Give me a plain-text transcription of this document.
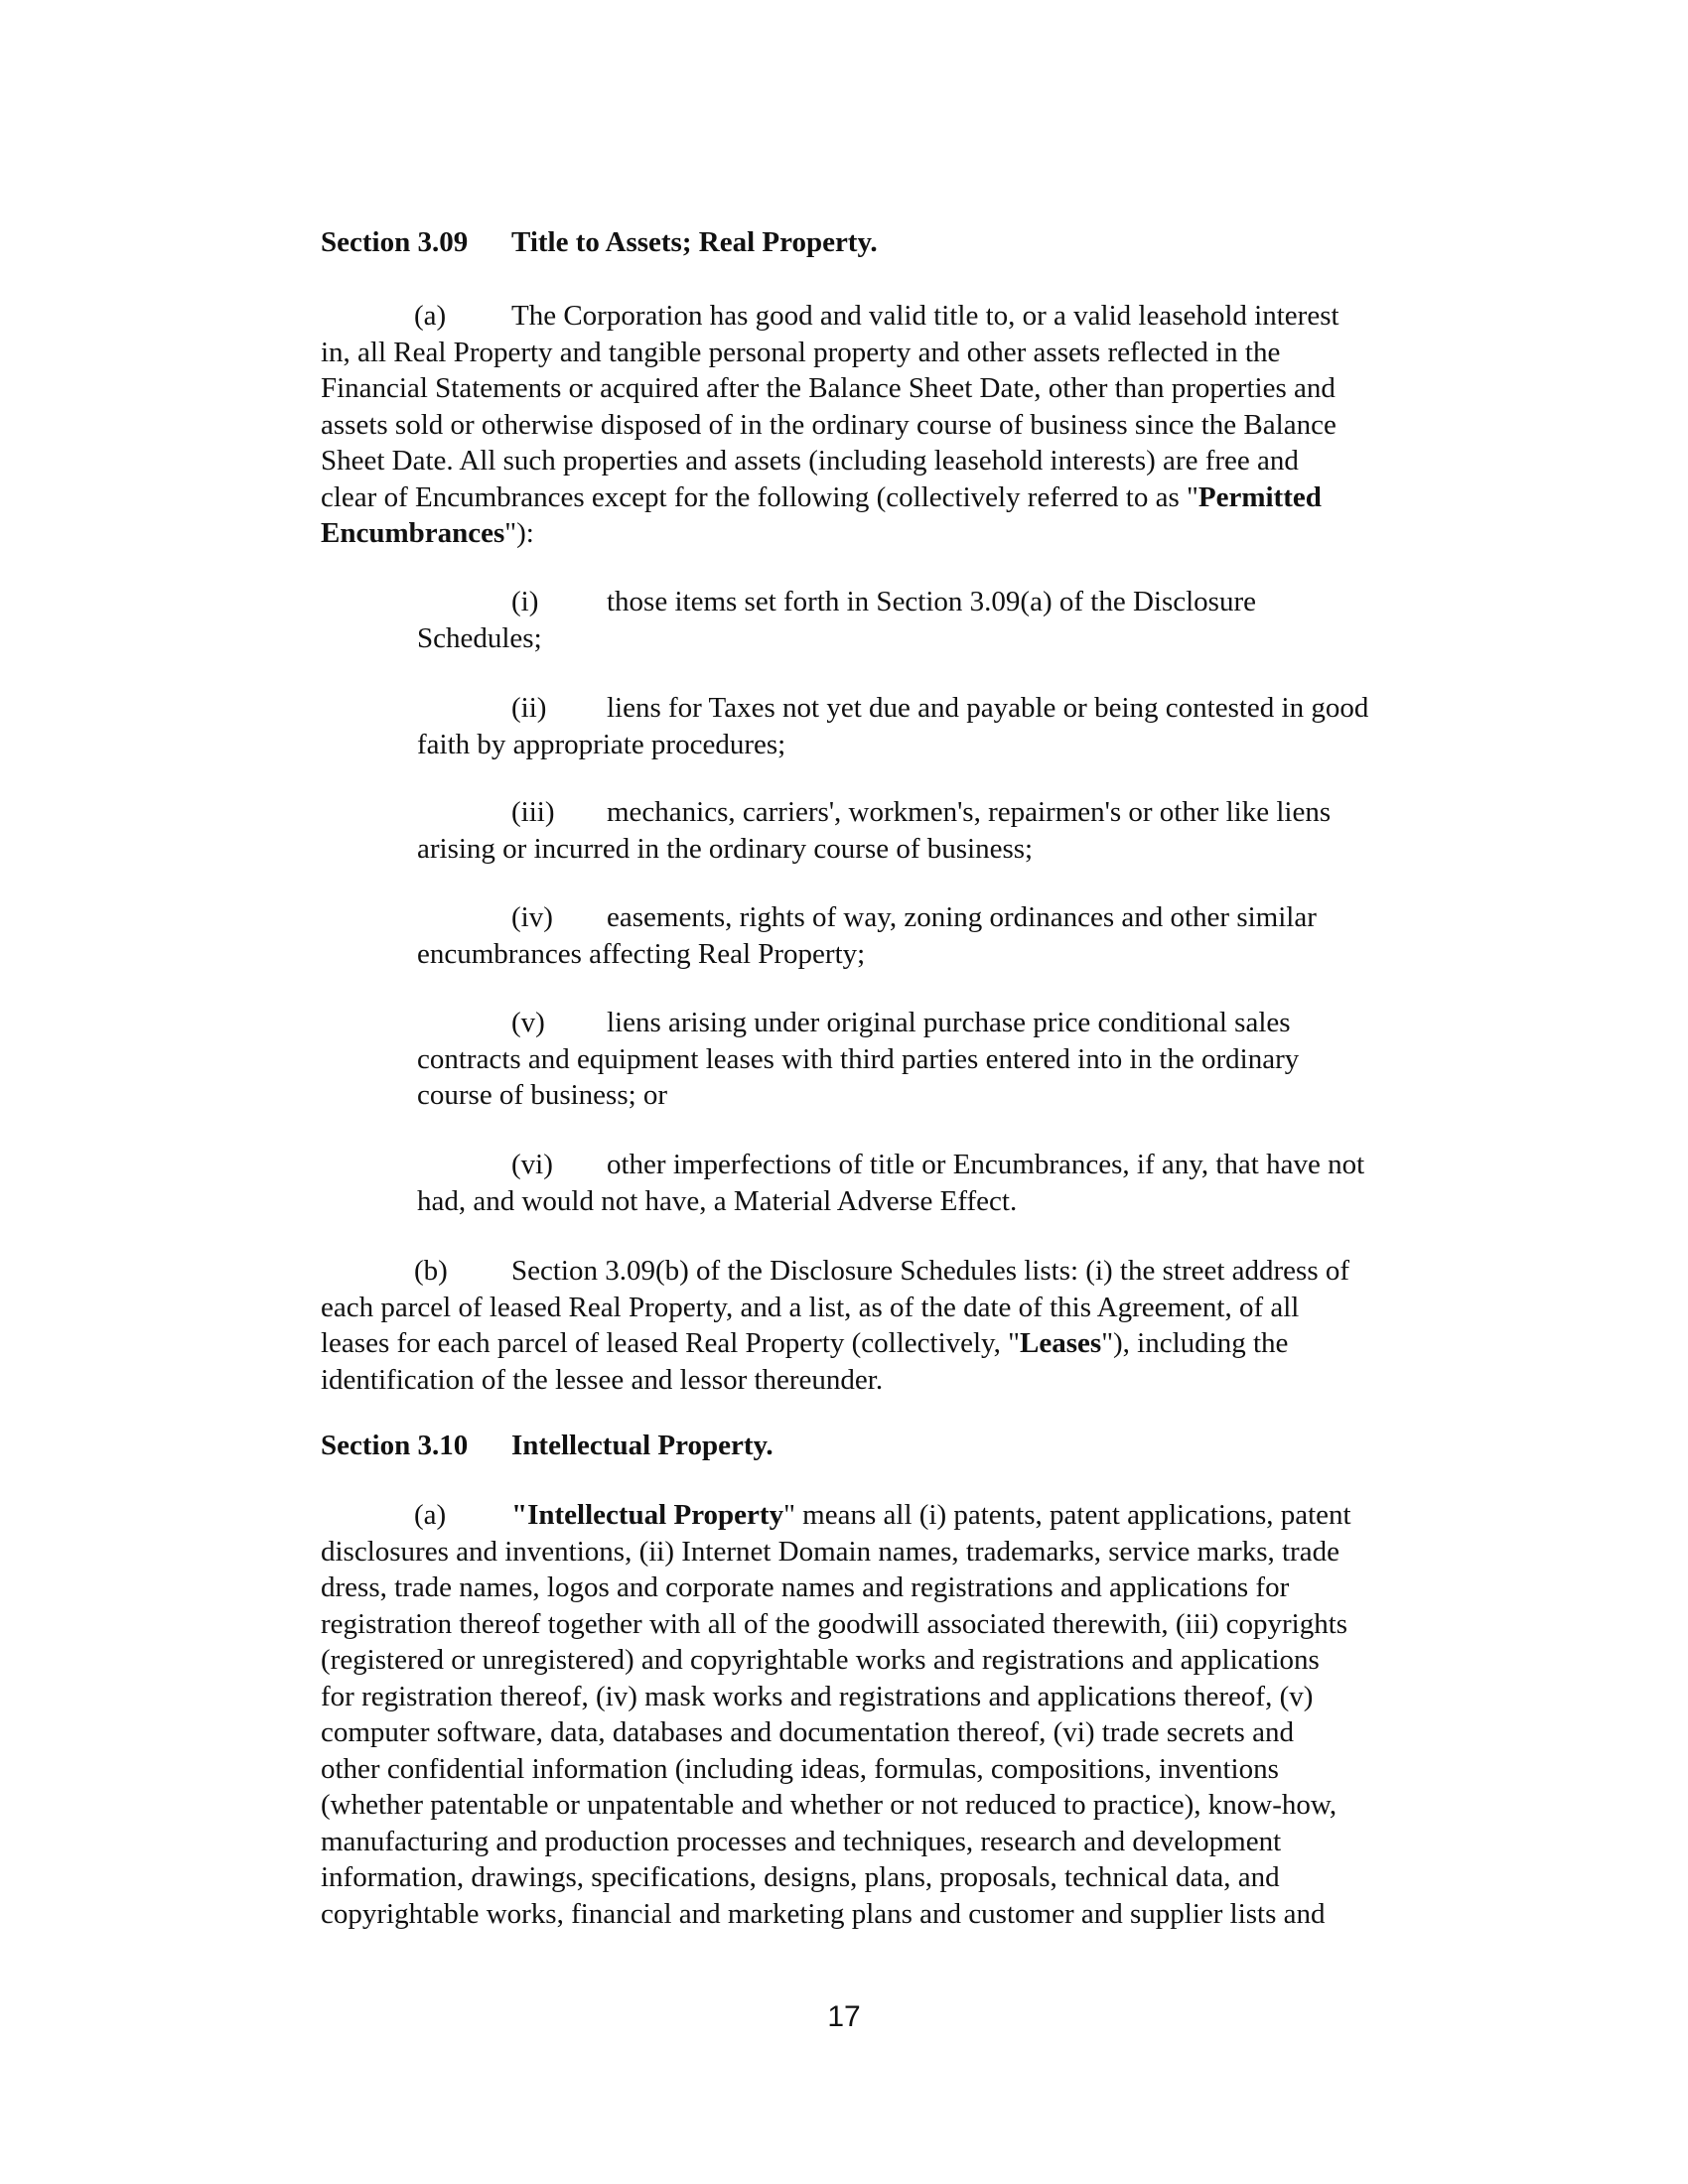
Section 3.09 Title to Assets; Real Property.
(a) The Corporation has good and valid title to, or a valid leasehold interest
in, all Real Property and tangible personal property and other assets reflected in the
Financial Statements or acquired after the Balance Sheet Date, other than properties and
assets sold or otherwise disposed of in the ordinary course of business since the Balance
Sheet Date. All such properties and assets (including leasehold interests) are free and
clear of Encumbrances except for the following (collectively referred to as "Permitted
Encumbrances"):
(i) those items set forth in Section 3.09(a) of the Disclosure
Schedules;
(ii) liens for Taxes not yet due and payable or being contested in good
faith by appropriate procedures;
(iii) mechanics, carriers', workmen's, repairmen's or other like liens
arising or incurred in the ordinary course of business;
(iv) easements, rights of way, zoning ordinances and other similar
encumbrances affecting Real Property;
(v) liens arising under original purchase price conditional sales
contracts and equipment leases with third parties entered into in the ordinary
course of business; or
(vi) other imperfections of title or Encumbrances, if any, that have not
had, and would not have, a Material Adverse Effect.
(b) Section 3.09(b) of the Disclosure Schedules lists: (i) the street address of
each parcel of leased Real Property, and a list, as of the date of this Agreement, of all
leases for each parcel of leased Real Property (collectively, "Leases"), including the
identification of the lessee and lessor thereunder.
Section 3.10 Intellectual Property.
(a) "Intellectual Property" means all (i) patents, patent applications, patent
disclosures and inventions, (ii) Internet Domain names, trademarks, service marks, trade
dress, trade names, logos and corporate names and registrations and applications for
registration thereof together with all of the goodwill associated therewith, (iii) copyrights
(registered or unregistered) and copyrightable works and registrations and applications
for registration thereof, (iv) mask works and registrations and applications thereof, (v)
computer software, data, databases and documentation thereof, (vi) trade secrets and
other confidential information (including ideas, formulas, compositions, inventions
(whether patentable or unpatentable and whether or not reduced to practice), know-how,
manufacturing and production processes and techniques, research and development
information, drawings, specifications, designs, plans, proposals, technical data, and
copyrightable works, financial and marketing plans and customer and supplier lists and
17
